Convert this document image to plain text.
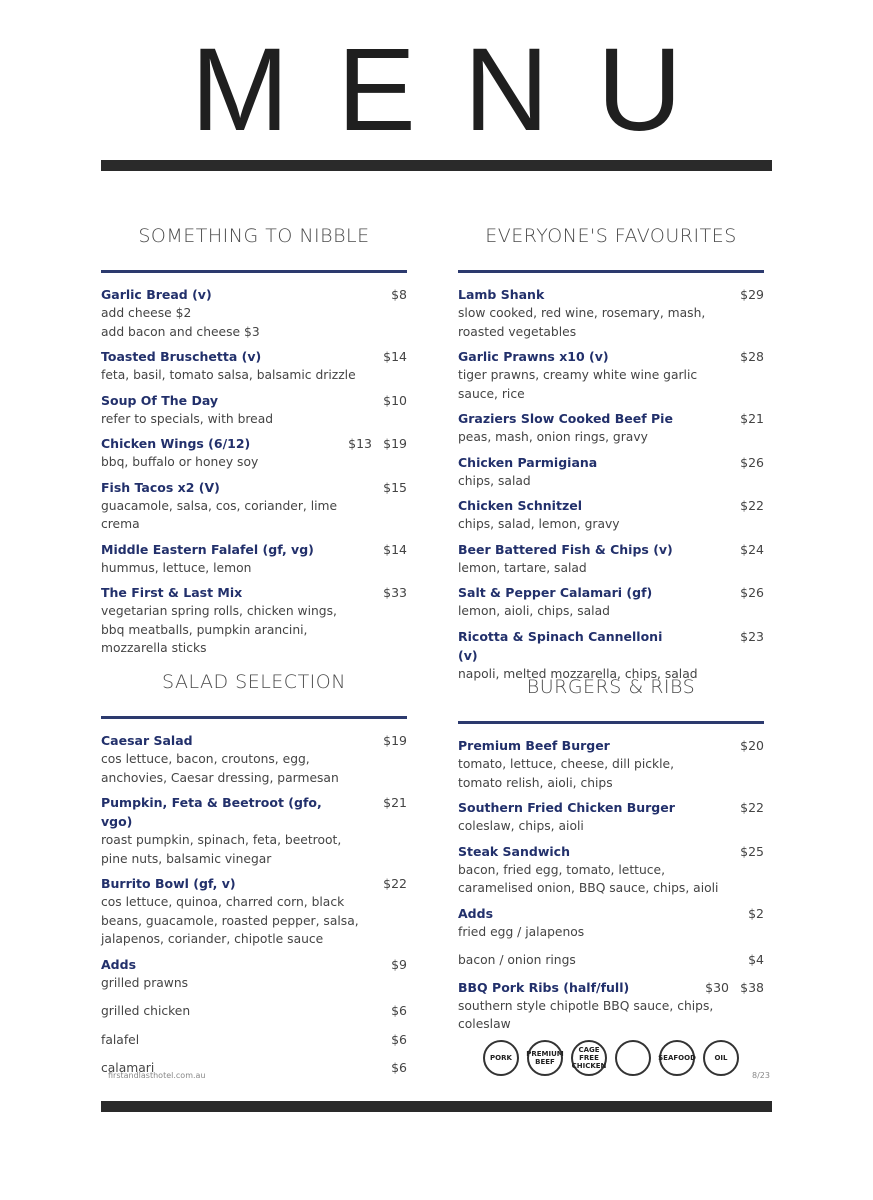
MENU
SOMETHING TO NIBBLE
Garlic Bread (v)	$8
add cheese $2
add bacon and cheese $3
Toasted Bruschetta (v)	$14
feta, basil, tomato salsa, balsamic drizzle
Soup Of The Day	$10
refer to specials, with bread
Chicken Wings (6/12)	$13 $19
bbq, buffalo or honey soy
Fish Tacos x2 (V)	$15
guacamole, salsa, cos, coriander, lime crema
Middle Eastern Falafel (gf, vg)	$14
hummus, lettuce, lemon
The First & Last Mix	$33
vegetarian spring rolls, chicken wings, bbq meatballs, pumpkin arancini, mozzarella sticks
EVERYONE'S FAVOURITES
Lamb Shank	$29
slow cooked, red wine, rosemary, mash, roasted vegetables
Garlic Prawns x10 (v)	$28
tiger prawns, creamy white wine garlic sauce, rice
Graziers Slow Cooked Beef Pie	$21
peas, mash, onion rings, gravy
Chicken Parmigiana	$26
chips, salad
Chicken Schnitzel	$22
chips, salad, lemon, gravy
Beer Battered Fish & Chips (v)	$24
lemon, tartare, salad
Salt & Pepper Calamari (gf)	$26
lemon, aioli, chips, salad
Ricotta & Spinach Cannelloni (v)
$23
napoli, melted mozzarella, chips, salad
SALAD SELECTION
Caesar Salad	$19
cos lettuce, bacon, croutons, egg, anchovies, Caesar dressing, parmesan
Pumpkin, Feta & Beetroot (gfo, vgo)
$21
roast pumpkin, spinach, feta, beetroot, pine nuts, balsamic vinegar
Burrito Bowl (gf, v)	$22
cos lettuce, quinoa, charred corn, black beans, guacamole, roasted pepper, salsa, jalapenos, coriander, chipotle sauce
Adds	$9
grilled prawns
grilled chicken	$6
falafel	$6
calamari	$6
BURGERS & RIBS
Premium Beef Burger	$20
tomato, lettuce, cheese, dill pickle, tomato relish, aioli, chips
Southern Fried Chicken Burger	$22
coleslaw, chips, aioli
Steak Sandwich	$25
bacon, fried egg, tomato, lettuce, caramelised onion, BBQ sauce, chips, aioli
Adds	$2
fried egg / jalapenos
bacon / onion rings	$4
BBQ Pork Ribs (half/full)	$30 $38
southern style chipotle BBQ sauce, chips, coleslaw
PORK	PREMIUM BEEF
CAGE FREE CHICKEN
SEAFOOD	OIL
firstandlasthotel.com.au	8/23
